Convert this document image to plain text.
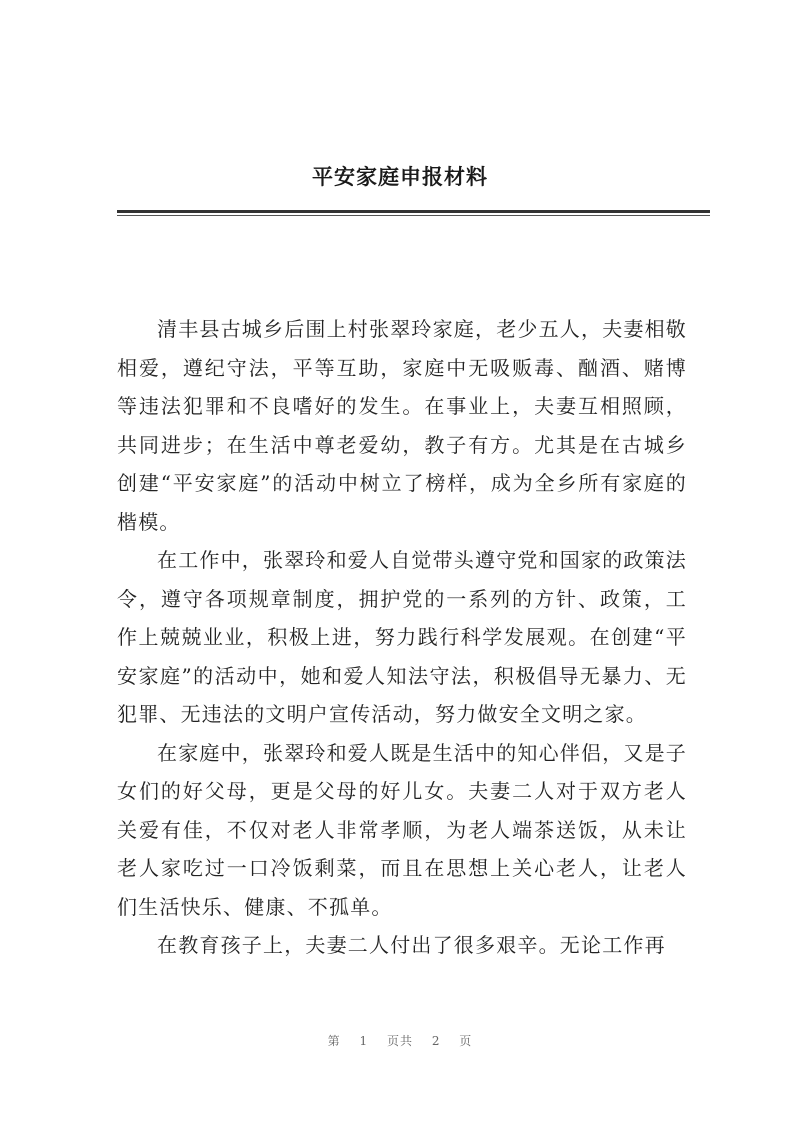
平安家庭申报材料

清丰县古城乡后围上村张翠玲家庭，老少五人，夫妻相敬相爱，遵纪守法，平等互助，家庭中无吸贩毒、酗酒、赌博等违法犯罪和不良嗜好的发生。在事业上，夫妻互相照顾，共同进步；在生活中尊老爱幼，教子有方。尤其是在古城乡创建“平安家庭”的活动中树立了榜样，成为全乡所有家庭的楷模。

在工作中，张翠玲和爱人自觉带头遵守党和国家的政策法令，遵守各项规章制度，拥护党的一系列的方针、政策，工作上兢兢业业，积极上进，努力践行科学发展观。在创建“平安家庭”的活动中，她和爱人知法守法，积极倡导无暴力、无犯罪、无违法的文明户宣传活动，努力做安全文明之家。

在家庭中，张翠玲和爱人既是生活中的知心伴侣，又是子女们的好父母，更是父母的好儿女。夫妻二人对于双方老人关爱有佳，不仅对老人非常孝顺，为老人端茶送饭，从未让老人家吃过一口冷饭剩菜，而且在思想上关心老人，让老人们生活快乐、健康、不孤单。

在教育孩子上，夫妻二人付出了很多艰辛。无论工作再

第 1 页共 2 页
